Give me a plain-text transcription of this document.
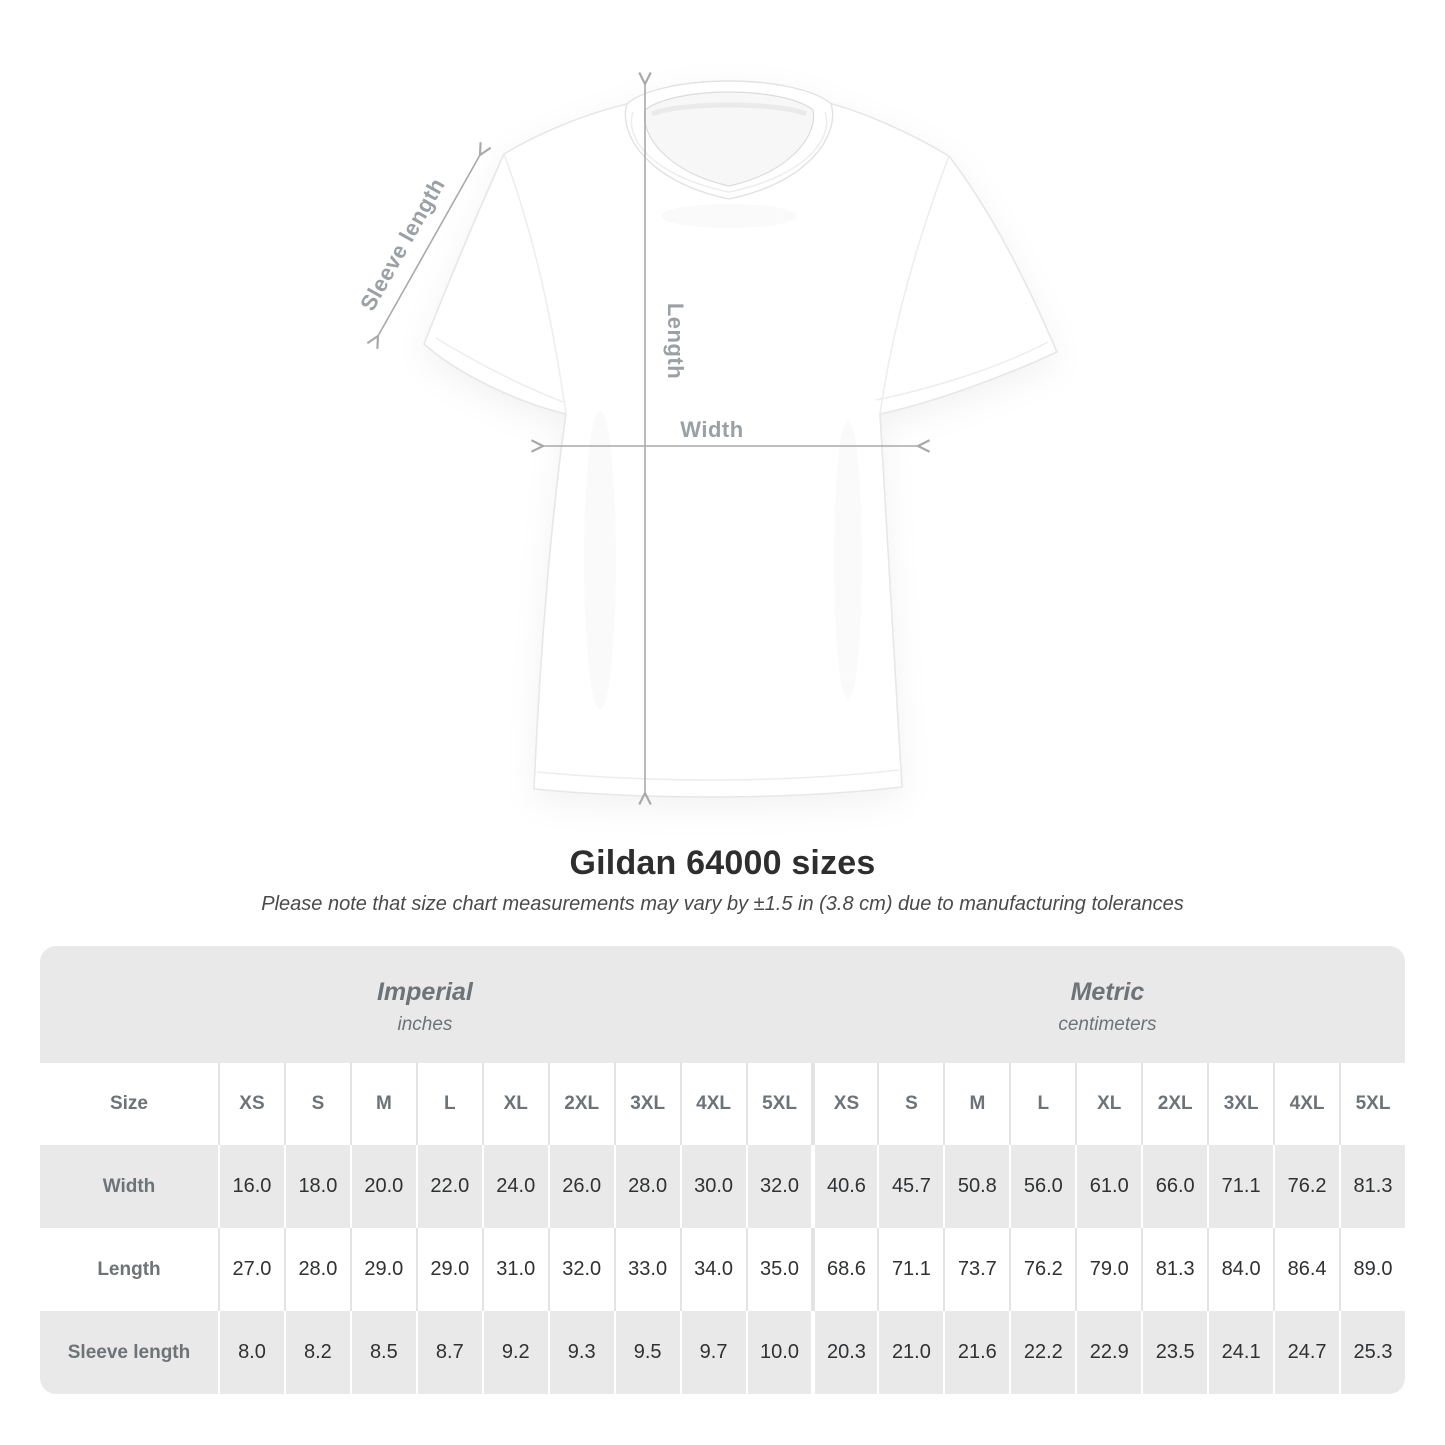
Sleeve length
Length
Width
Gildan 64000 sizes
Please note that size chart measurements may vary by ±1.5 in (3.8 cm) due to manufacturing tolerances
Imperial
inches
Metric
centimeters
Size	XS S	M	L	XL 2XL 3XL 4XL 5XL XS S	M	L	XL 2XL 3XL 4XL 5XL
Width	16.0 18.0 20.0 22.0 24.0 26.0 28.0 30.0 32.0 40.6 45.7 50.8 56.0 61.0 66.0 71.1 76.2 81.3
Length	27.0 28.0 29.0 29.0 31.0 32.0 33.0 34.0 35.0 68.6 71.1 73.7 76.2 79.0 81.3 84.0 86.4 89.0
Sleeve length 8.0 8.2 8.5 8.7 9.2 9.3 9.5 9.7 10.0 20.3 21.0 21.6 22.2 22.9 23.5 24.1 24.7 25.3
